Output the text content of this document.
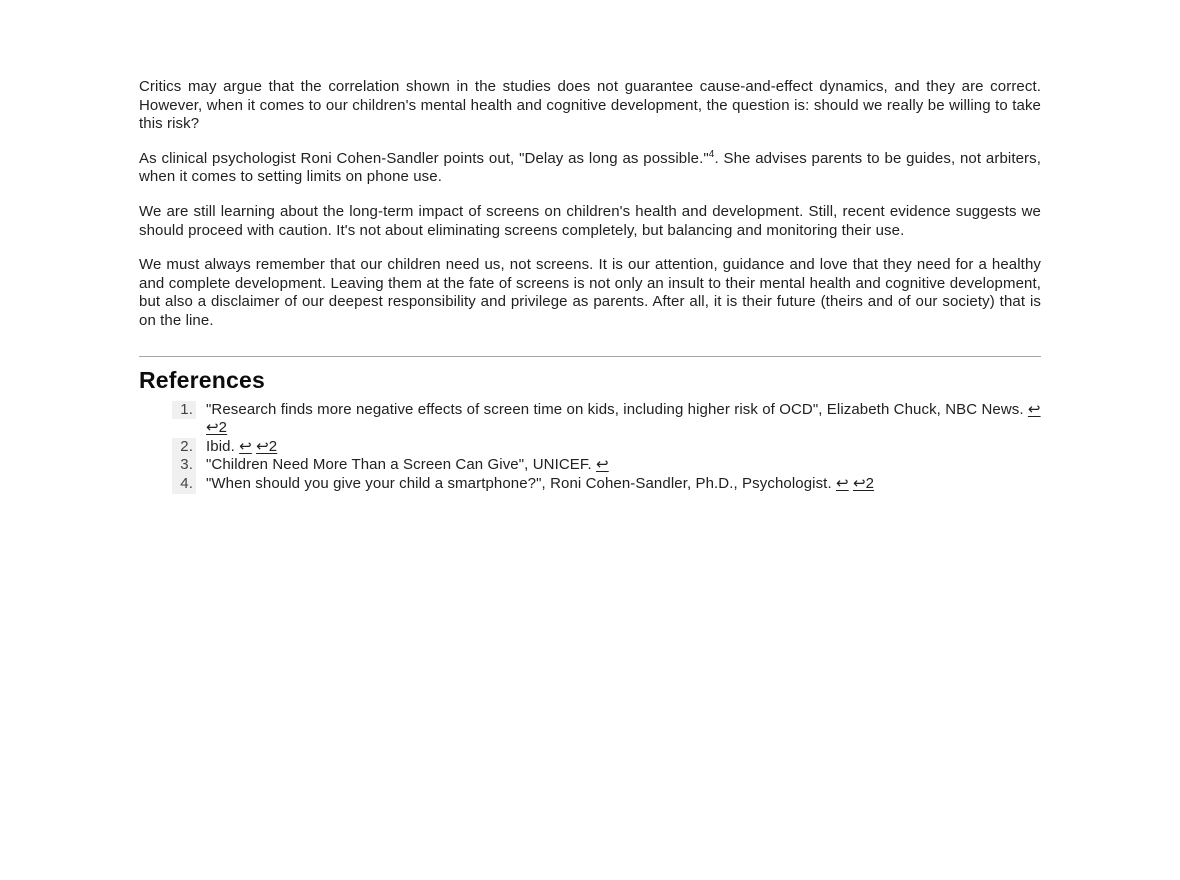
Critics may argue that the correlation shown in the studies does not guarantee cause-and-effect dynamics, and they are correct. However, when it comes to our children's mental health and cognitive development, the question is: should we really be willing to take this risk?

As clinical psychologist Roni Cohen-Sandler points out, "Delay as long as possible."$^4$. She advises parents to be guides, not arbiters, when it comes to setting limits on phone use.

We are still learning about the long-term impact of screens on children's health and development. Still, recent evidence suggests we should proceed with caution. It's not about eliminating screens completely, but balancing and monitoring their use.

We must always remember that our children need us, not screens. It is our attention, guidance and love that they need for a healthy and complete development. Leaving them at the fate of screens is not only an insult to their mental health and cognitive development, but also a disclaimer of our deepest responsibility and privilege as parents. After all, it is their future (theirs and of our society) that is on the line.

References
1. "Research finds more negative effects of screen time on kids, including higher risk of OCD", Elizabeth Chuck, NBC News. ↩ ↩2
2. Ibid. ↩ ↩2
3. "Children Need More Than a Screen Can Give", UNICEF. ↩
4. "When should you give your child a smartphone?", Roni Cohen-Sandler, Ph.D., Psychologist. ↩ ↩2
